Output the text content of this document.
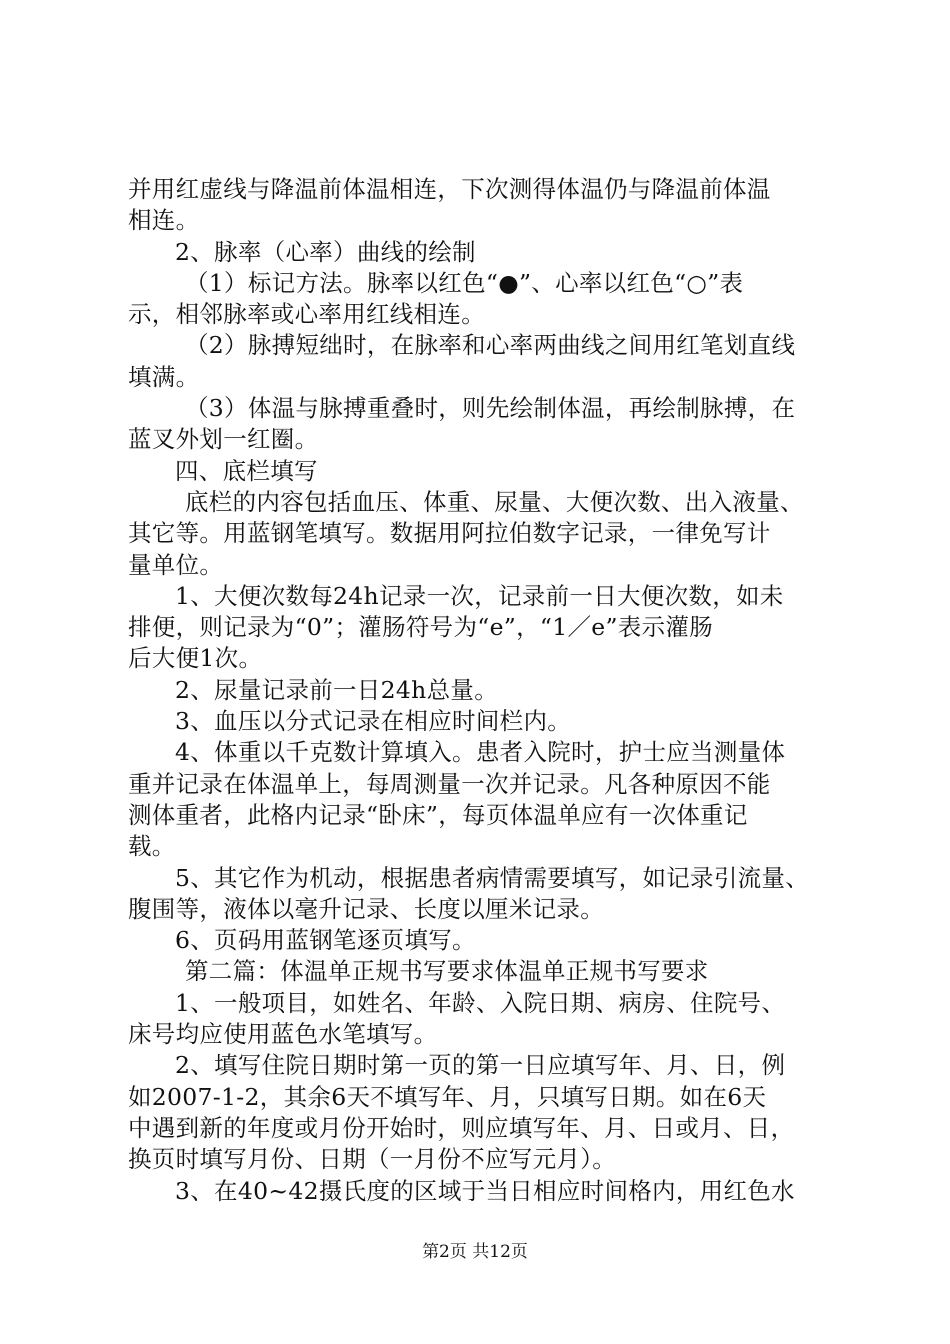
并用红虚线与降温前体温相连，下次测得体温仍与降温前体温
相连。
2、脉率（心率）曲线的绘制
（1）标记方法。脉率以红色“●”、心率以红色“○”表
示，相邻脉率或心率用红线相连。
（2）脉搏短绌时，在脉率和心率两曲线之间用红笔划直线
填满。
（3）体温与脉搏重叠时，则先绘制体温，再绘制脉搏，在
蓝叉外划一红圈。
四、底栏填写
底栏的内容包括血压、体重、尿量、大便次数、出入液量、
其它等。用蓝钢笔填写。数据用阿拉伯数字记录，一律免写计
量单位。
1、大便次数每24h记录一次，记录前一日大便次数，如未
排便，则记录为“0”；灌肠符号为“e”，“1／e”表示灌肠
后大便1次。
2、尿量记录前一日24h总量。
3、血压以分式记录在相应时间栏内。
4、体重以千克数计算填入。患者入院时，护士应当测量体
重并记录在体温单上，每周测量一次并记录。凡各种原因不能
测体重者，此格内记录“卧床”，每页体温单应有一次体重记
载。
5、其它作为机动，根据患者病情需要填写，如记录引流量、
腹围等，液体以毫升记录、长度以厘米记录。
6、页码用蓝钢笔逐页填写。
第二篇：体温单正规书写要求体温单正规书写要求
1、一般项目，如姓名、年龄、入院日期、病房、住院号、
床号均应使用蓝色水笔填写。
2、填写住院日期时第一页的第一日应填写年、月、日，例
如2007-1-2，其余6天不填写年、月，只填写日期。如在6天
中遇到新的年度或月份开始时，则应填写年、月、日或月、日，
换页时填写月份、日期（一月份不应写元月）。
3、在40~42摄氏度的区域于当日相应时间格内，用红色水
第2页 共12页
